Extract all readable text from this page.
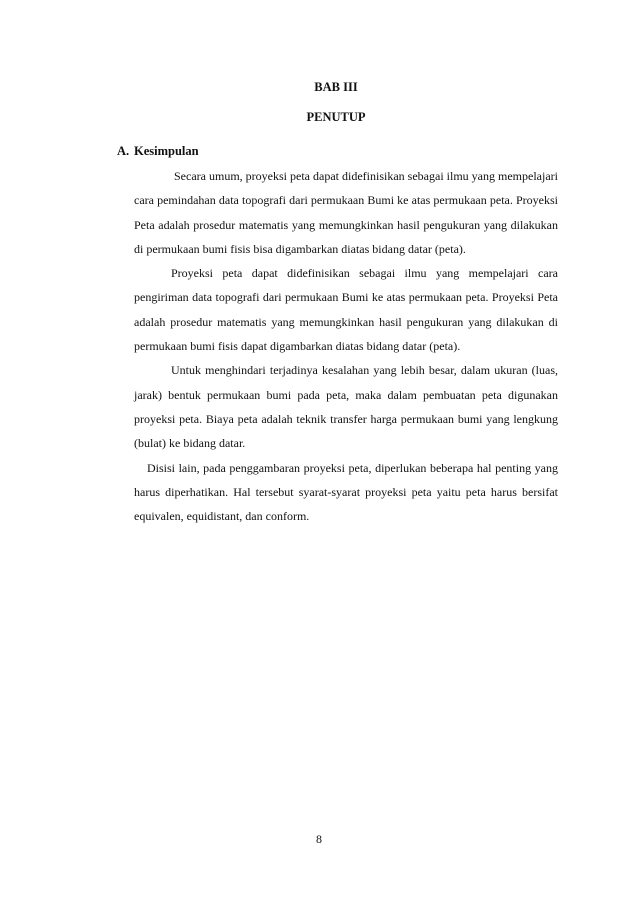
BAB III
PENUTUP
A. Kesimpulan

Secara umum, proyeksi peta dapat didefinisikan sebagai ilmu yang mempelajari cara pemindahan data topografi dari permukaan Bumi ke atas permukaan peta. Proyeksi Peta adalah prosedur matematis yang memungkinkan hasil pengukuran yang dilakukan di permukaan bumi fisis bisa digambarkan diatas bidang datar (peta).

Proyeksi peta dapat didefinisikan sebagai ilmu yang mempelajari cara pengiriman data topografi dari permukaan Bumi ke atas permukaan peta. Proyeksi Peta adalah prosedur matematis yang memungkinkan hasil pengukuran yang dilakukan di permukaan bumi fisis dapat digambarkan diatas bidang datar (peta).

Untuk menghindari terjadinya kesalahan yang lebih besar, dalam ukuran (luas, jarak) bentuk permukaan bumi pada peta, maka dalam pembuatan peta digunakan proyeksi peta. Biaya peta adalah teknik transfer harga permukaan bumi yang lengkung (bulat) ke bidang datar.

Disisi lain, pada penggambaran proyeksi peta, diperlukan beberapa hal penting yang harus diperhatikan. Hal tersebut syarat-syarat proyeksi peta yaitu peta harus bersifat equivalen, equidistant, dan conform.

8
